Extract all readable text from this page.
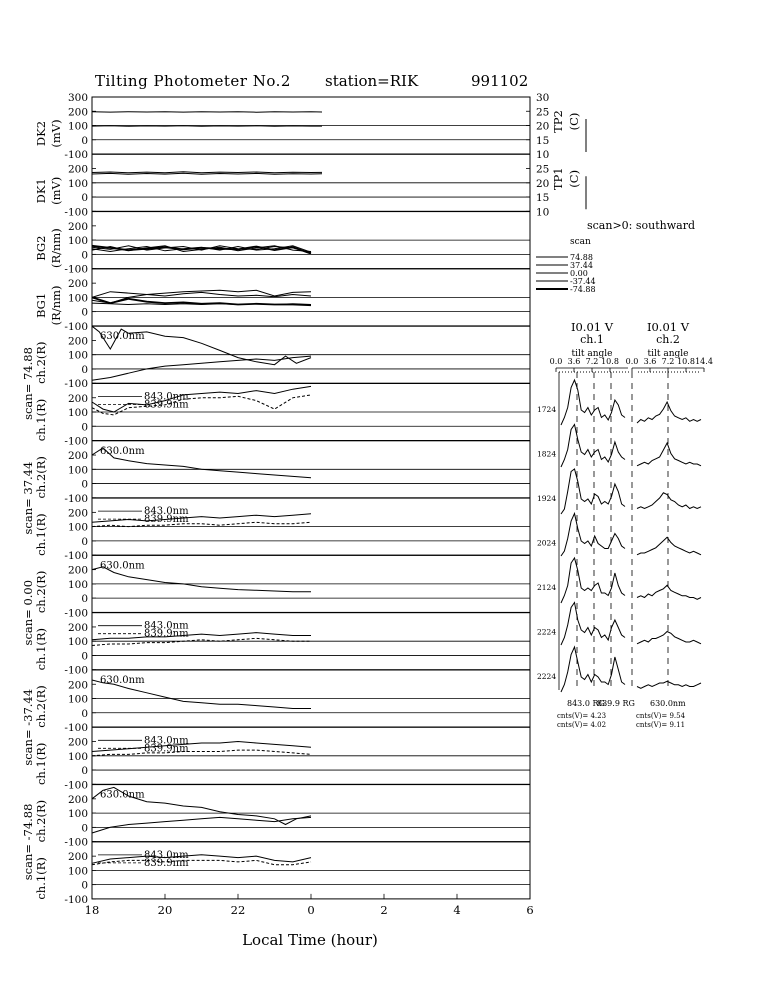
Tilting Photometer No.2 station=RIK	991102
300
200
100
0
-100
DK2 (mV)
30
25
20
15
10
TP2 (C)
200
100
0
-100
DK1 (mV)
25
20
15
10
TP1 (C)
200
100
0
-100
BG2 (R/nm)
200
100
0
-100
BG1 (R/nm)
200
100
0
-100
ch.2(R)
630.0nm
200
100
0
-100
ch.1(R)
843.0nm
839.9nm
200
100
0
-100
ch.2(R)
630.0nm
200
100
0
-100
ch.1(R)
843.0nm
839.9nm
200
100
0
-100
ch.2(R)
630.0nm
200
100
0
-100
ch.1(R)
843.0nm
839.9nm
200
100
0
-100
ch.2(R)
630.0nm
200
100
0
-100
ch.1(R)
843.0nm
839.9nm
200
100
0
-100
ch.2(R)
630.0nm
200
100
0
-100
ch.1(R)
843.0nm
839.9nm
scan= 74.88
scan= 37.44
scan= 0.00
scan= -37.44
scan= -74.88
18	20	22	0	2	4	6
scan>0: southward
scan
74.88
37.44
0.00
-37.44
-74.88
I0.01 V
ch.1
tilt angle
0.0 3.6 7.2 10.8
I0.01 V
ch.2
tilt angle
0.0 3.6 7.2 10.8 14.4
1724
1824
1924
2024
2124
2224
2224
843.0 RG
839.9 RG 630.0nm
cnts(V)= 4.23
cnts(V)= 4.02
cnts(V)= 9.54
cnts(V)= 9.11
Local Time (hour)
